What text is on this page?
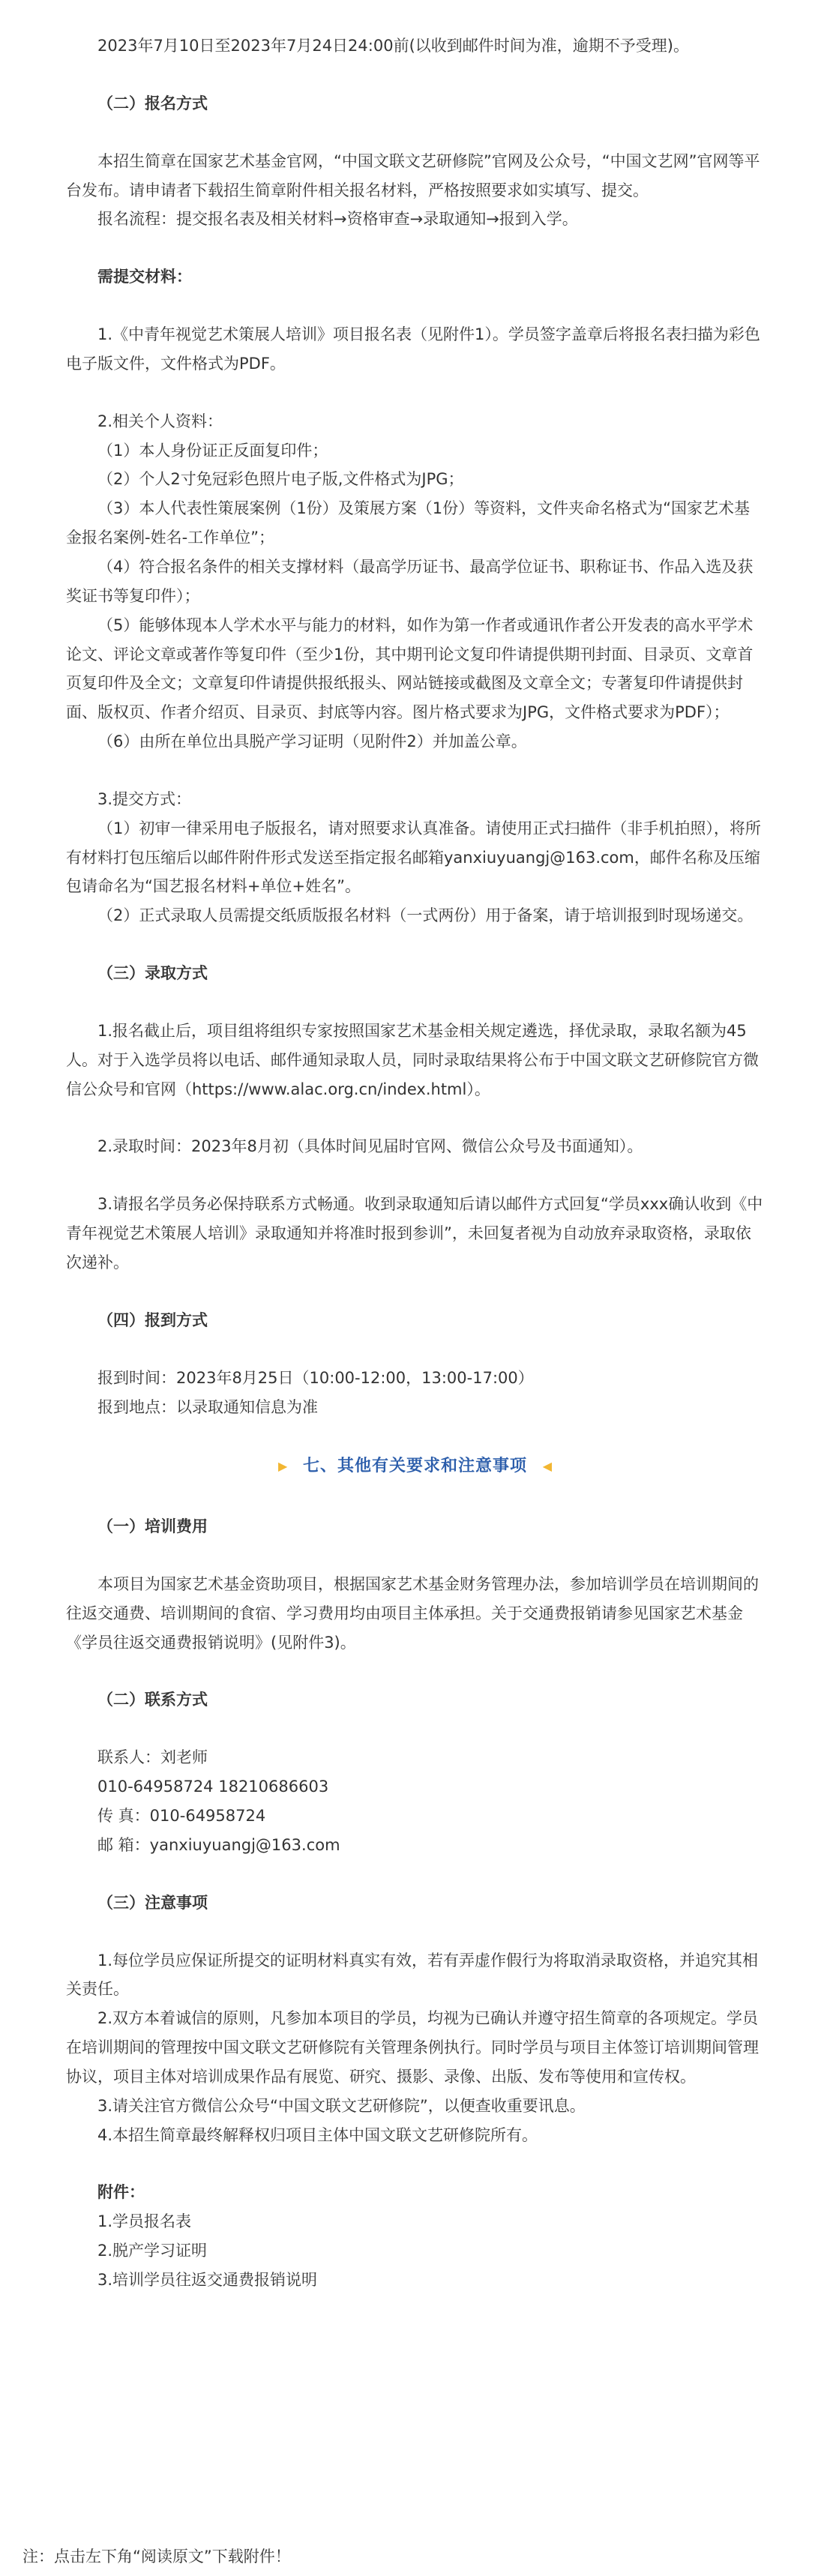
2023年7月10日至2023年7月24日24:00前(以收到邮件时间为准，逾期不予受理)。

（二）报名方式

本招生简章在国家艺术基金官网，“中国文联文艺研修院”官网及公众号，“中国文艺网”官网等平台发布。请申请者下载招生简章附件相关报名材料，严格按照要求如实填写、提交。

报名流程：提交报名表及相关材料→资格审查→录取通知→报到入学。

需提交材料：

1.《中青年视觉艺术策展人培训》项目报名表（见附件1）。学员签字盖章后将报名表扫描为彩色电子版文件，文件格式为PDF。

2.相关个人资料：

（1）本人身份证正反面复印件；

（2）个人2寸免冠彩色照片电子版,文件格式为JPG；

（3）本人代表性策展案例（1份）及策展方案（1份）等资料，文件夹命名格式为“国家艺术基金报名案例-姓名-工作单位”；

（4）符合报名条件的相关支撑材料（最高学历证书、最高学位证书、职称证书、作品入选及获奖证书等复印件）；

（5）能够体现本人学术水平与能力的材料，如作为第一作者或通讯作者公开发表的高水平学术论文、评论文章或著作等复印件（至少1份，其中期刊论文复印件请提供期刊封面、目录页、文章首页复印件及全文；文章复印件请提供报纸报头、网站链接或截图及文章全文；专著复印件请提供封面、版权页、作者介绍页、目录页、封底等内容。图片格式要求为JPG，文件格式要求为PDF）；

（6）由所在单位出具脱产学习证明（见附件2）并加盖公章。

3.提交方式：

（1）初审一律采用电子版报名，请对照要求认真准备。请使用正式扫描件（非手机拍照），将所有材料打包压缩后以邮件附件形式发送至指定报名邮箱yanxiuyuangj@163.com，邮件名称及压缩包请命名为“国艺报名材料+单位+姓名”。

（2）正式录取人员需提交纸质版报名材料（一式两份）用于备案，请于培训报到时现场递交。

（三）录取方式

1.报名截止后，项目组将组织专家按照国家艺术基金相关规定遴选，择优录取，录取名额为45人。对于入选学员将以电话、邮件通知录取人员，同时录取结果将公布于中国文联文艺研修院官方微信公众号和官网（https://www.alac.org.cn/index.html）。

2.录取时间：2023年8月初（具体时间见届时官网、微信公众号及书面通知）。

3.请报名学员务必保持联系方式畅通。收到录取通知后请以邮件方式回复“学员xxx确认收到《中青年视觉艺术策展人培训》录取通知并将准时报到参训”，未回复者视为自动放弃录取资格，录取依次递补。

（四）报到方式

报到时间：2023年8月25日（10:00-12:00，13:00-17:00）

报到地点：以录取通知信息为准

▶ 七、其他有关要求和注意事项 ◀

（一）培训费用

本项目为国家艺术基金资助项目，根据国家艺术基金财务管理办法，参加培训学员在培训期间的往返交通费、培训期间的食宿、学习费用均由项目主体承担。关于交通费报销请参见国家艺术基金《学员往返交通费报销说明》(见附件3)。

（二）联系方式

联系人：刘老师

010-64958724 18210686603

传 真：010-64958724

邮 箱：yanxiuyuangj@163.com

（三）注意事项

1.每位学员应保证所提交的证明材料真实有效，若有弄虚作假行为将取消录取资格，并追究其相关责任。

2.双方本着诚信的原则，凡参加本项目的学员，均视为已确认并遵守招生简章的各项规定。学员在培训期间的管理按中国文联文艺研修院有关管理条例执行。同时学员与项目主体签订培训期间管理协议，项目主体对培训成果作品有展览、研究、摄影、录像、出版、发布等使用和宣传权。

3.请关注官方微信公众号“中国文联文艺研修院”，以便查收重要讯息。

4.本招生简章最终解释权归项目主体中国文联文艺研修院所有。

附件：

1.学员报名表

2.脱产学习证明

3.培训学员往返交通费报销说明

注：点击左下角“阅读原文”下载附件！
